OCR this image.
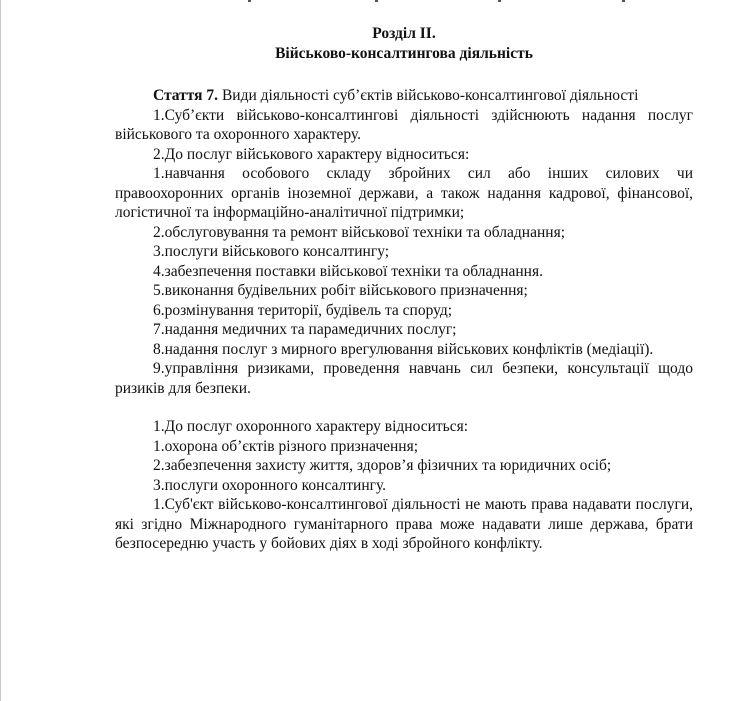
Розділ ІІ.
Військово-консалтингова діяльність

Стаття 7. Види діяльності суб’єктів військово-консалтингової діяльності

1.Суб’єкти військово-консалтингові діяльності здійснюють надання послуг військового та охоронного характеру.

2.До послуг військового характеру відноситься:

1.навчання особового складу збройних сил або інших силових чи правоохоронних органів іноземної держави, а також надання кадрової, фінансової, логістичної та інформаційно-аналітичної підтримки;

2.обслуговування та ремонт військової техніки та обладнання;

3.послуги військового консалтингу;

4.забезпечення поставки військової техніки та обладнання.

5.виконання будівельних робіт військового призначення;

6.розмінування території, будівель та споруд;

7.надання медичних та парамедичних послуг;

8.надання послуг з мирного врегулювання військових конфліктів (медіації).

9.управління ризиками, проведення навчань сил безпеки, консультації щодо ризиків для безпеки.

1.До послуг охоронного характеру відноситься:

1.охорона об’єктів різного призначення;

2.забезпечення захисту життя, здоров’я фізичних та юридичних осіб;

3.послуги охоронного консалтингу.

1.Суб'єкт військово-консалтингової діяльності не мають права надавати послуги, які згідно Міжнародного гуманітарного права може надавати лише держава, брати безпосередню участь у бойових діях в ході збройного конфлікту.
